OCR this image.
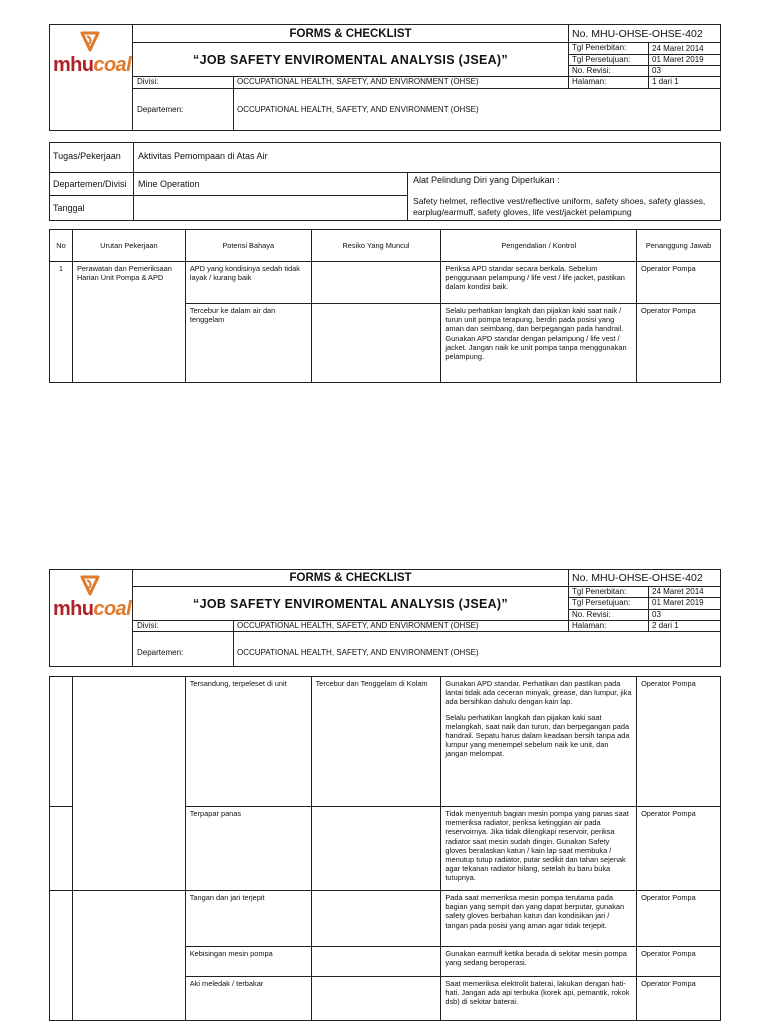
mhucoal
FORMS & CHECKLIST	No. MHU-OHSE-OHSE-402
“JOB SAFETY ENVIROMENTAL ANALYSIS (JSEA)”
Tgl Penerbitan:	24 Maret 2014
Tgl Persetujuan:	01 Maret 2019
No. Revisi:	03
Divisi:	OCCUPATIONAL HEALTH, SAFETY, AND ENVIRONMENT (OHSE)	Halaman:	1 dari 1
Departemen:	OCCUPATIONAL HEALTH, SAFETY, AND ENVIRONMENT (OHSE)
Tugas/Pekerjaan Aktivitas Pemompaan di Atas Air
Departemen/Divisi Mine Operation
Tanggal
Alat Pelindung Diri yang Diperlukan :
Safety helmet, reflective vest/reflective uniform, safety shoes, safety glasses, earplug/earmuff, safety gloves, life vest/jacket pelampung
No	Urutan Pekerjaan	Potensi Bahaya	Resiko Yang Muncul	Pengendalian / Kontrol	Penanggung Jawab
1	Perawatan dan Pemeriksaan Harian Unit Pompa & APD	APD yang kondisinya sedah tidak layak / kurang baik		Periksa APD standar secara berkala. Sebelum penggunaan pelampung / life vest / life jacket, pastikan dalam kondisi baik.	Operator Pompa
		Tercebur ke dalam air dan tenggelam		Selalu perhatikan langkah dan pijakan kaki saat naik / turun unit pompa terapung, berdiri pada posisi yang aman dan seimbang, dan berpegangan pada handrail. Gunakan APD standar dengan pelampung / life vest / jacket. Jangan naik ke unit pompa tanpa menggunakan pelampung.	Operator Pompa
mhucoal
FORMS & CHECKLIST	No. MHU-OHSE-OHSE-402
“JOB SAFETY ENVIROMENTAL ANALYSIS (JSEA)”
Tgl Penerbitan:	24 Maret 2014
Tgl Persetujuan:	01 Maret 2019
No. Revisi:	03
Divisi:	OCCUPATIONAL HEALTH, SAFETY, AND ENVIRONMENT (OHSE)	Halaman:	2 dari 1
Departemen:	OCCUPATIONAL HEALTH, SAFETY, AND ENVIRONMENT (OHSE)
		Tersandung, terpeleset di unit	Tercebur dan Tenggelam di Kolam	Gunakan APD standar. Perhatikan dan pastikan pada lantai tidak ada ceceran minyak, grease, dan lumpur, jika ada bersihkan dahulu dengan kain lap.

Selalu perhatikan langkah dan pijakan kaki saat melangkah, saat naik dan turun, dan berpegangan pada handrail. Sepatu harus dalam keadaan bersih tanpa ada lumpur yang menempel sebelum naik ke unit, dan jangan melompat.	Operator Pompa
		Terpapar panas		Tidak menyentuh bagian mesin pompa yang panas saat memeriksa radiator, periksa ketinggian air pada reservoirnya. Jika tidak dilengkapi reservoir, periksa radiator saat mesin sudah dingin. Gunakan Safety gloves beralaskan katun / kain lap saat membuka / menutup tutup radiator, putar sedikit dan tahan sejenak agar tekanan radiator hilang, setelah itu baru buka tutupnya.	Operator Pompa
		Tangan dan jari terjepit		Pada saat memeriksa mesin pompa terutama pada bagian yang sempit dan yang dapat berputar, gunakan safety gloves berbahan katun dan kondisikan jari / tangan pada posisi yang aman agar tidak terjepit.	Operator Pompa
		Kebisingan mesin pompa		Gunakan earmuff ketika berada di sekitar mesin pompa yang sedang beroperasi.	Operator Pompa
		Aki meledak / terbakar		Saat memeriksa elektrolit baterai, lakukan dengan hati-hati. Jangan ada api terbuka (korek api, pemantik, rokok dsb) di sekitar baterai.	Operator Pompa
